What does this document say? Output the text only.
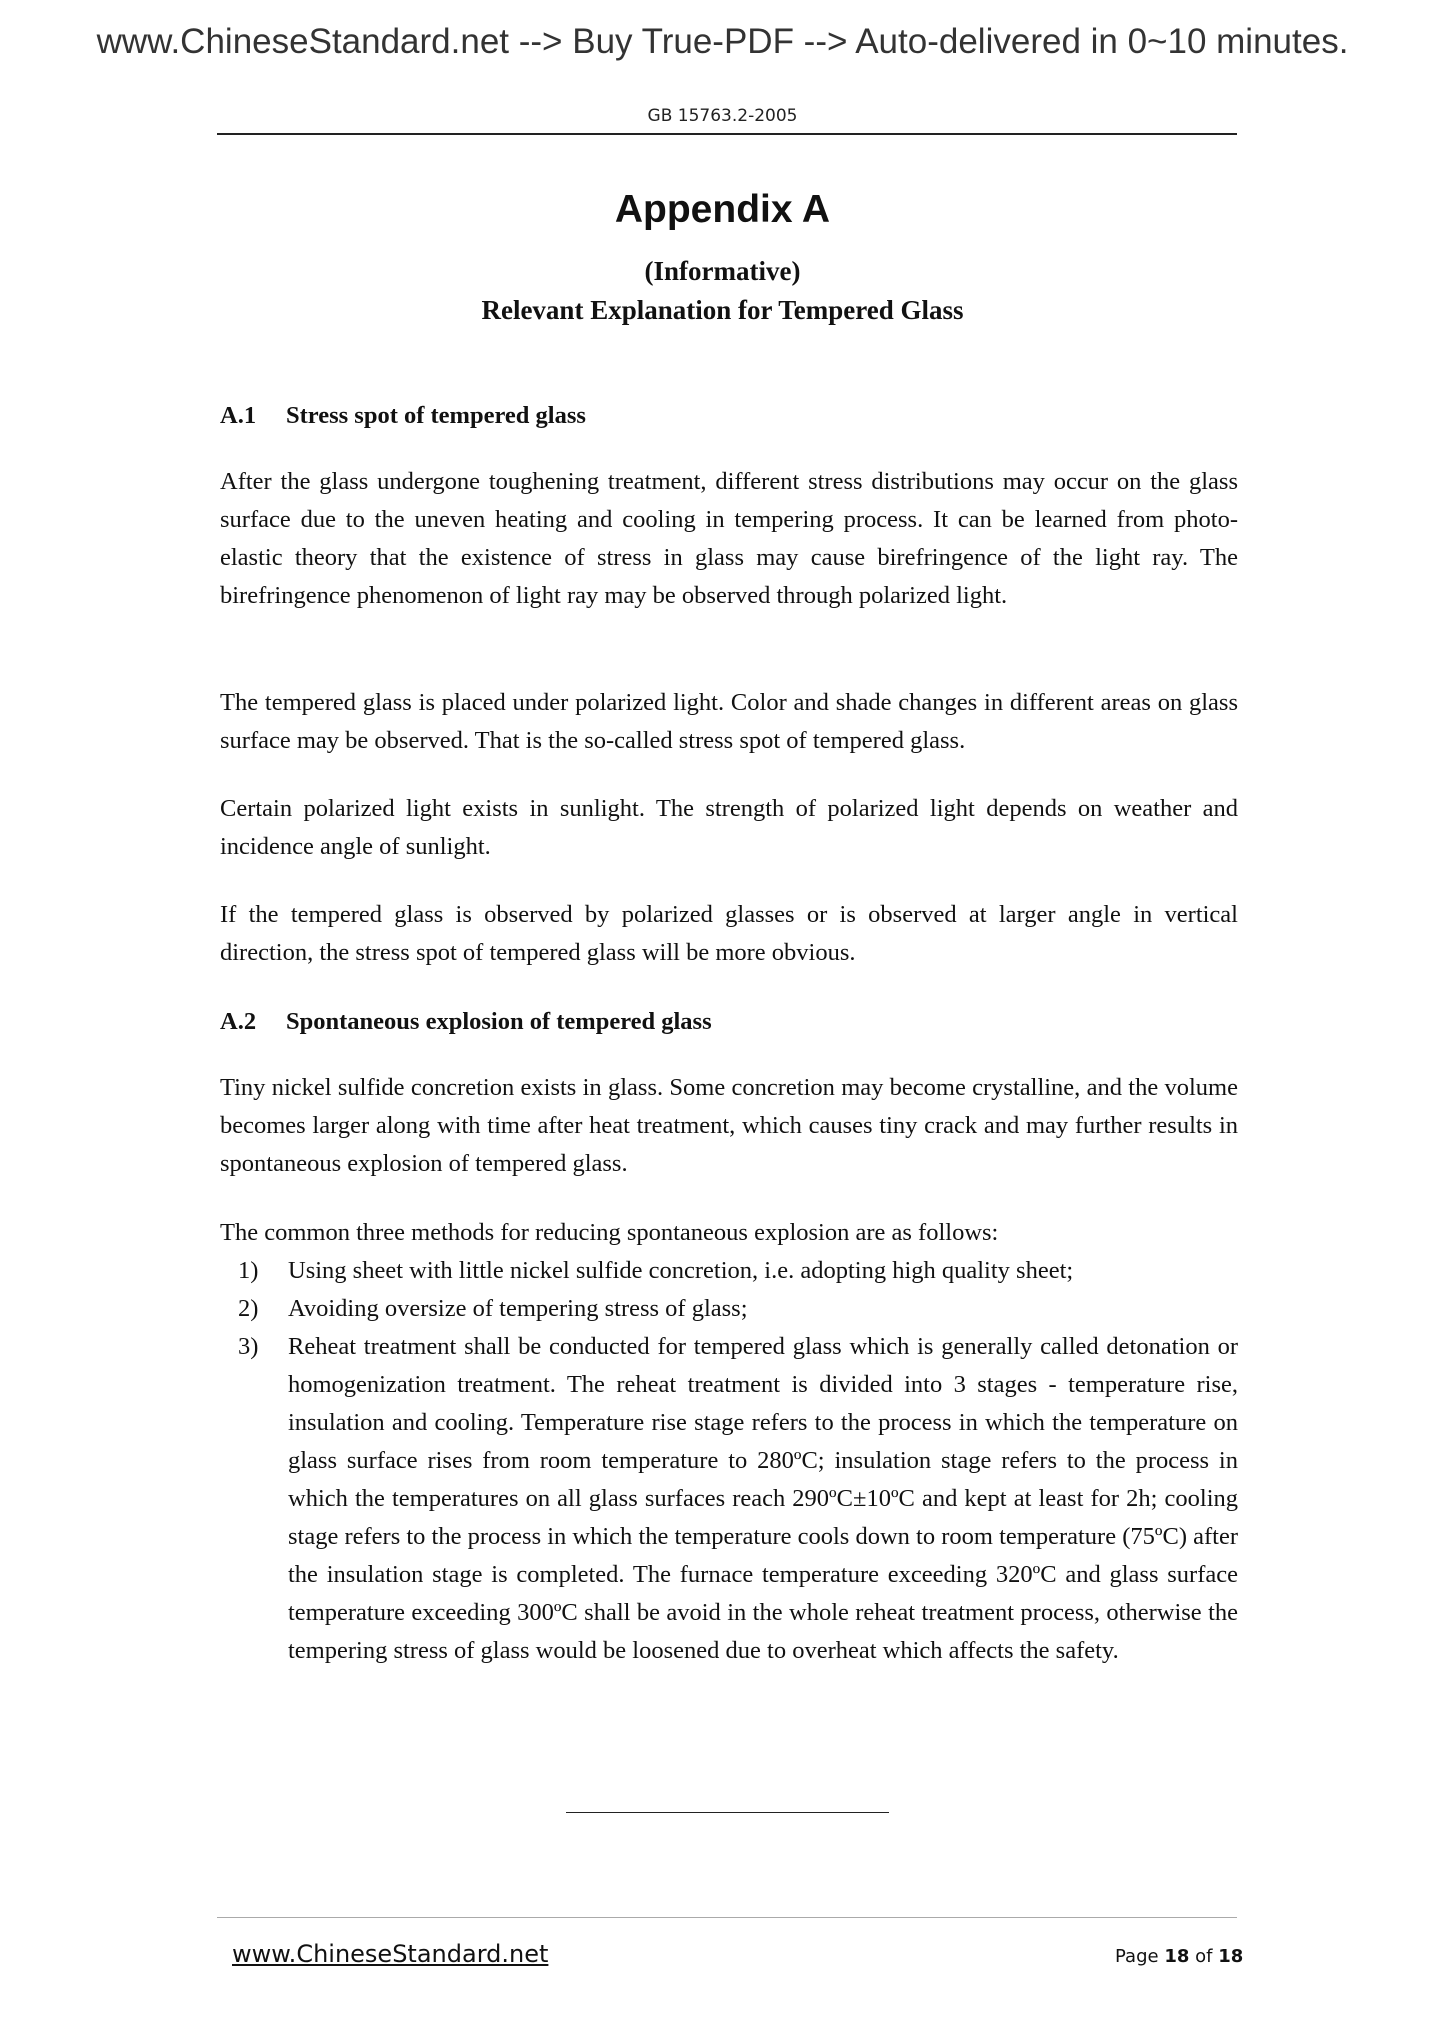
www.ChineseStandard.net --> Buy True-PDF --> Auto-delivered in 0~10 minutes.
GB 15763.2-2005
Appendix A
(Informative)
Relevant Explanation for Tempered Glass
A.1 Stress spot of tempered glass
After the glass undergone toughening treatment, different stress distributions may occur on the glass surface due to the uneven heating and cooling in tempering process. It can be learned from photo-elastic theory that the existence of stress in glass may cause birefringence of the light ray. The birefringence phenomenon of light ray may be observed through polarized light.
The tempered glass is placed under polarized light. Color and shade changes in different areas on glass surface may be observed. That is the so-called stress spot of tempered glass.
Certain polarized light exists in sunlight. The strength of polarized light depends on weather and incidence angle of sunlight.
If the tempered glass is observed by polarized glasses or is observed at larger angle in vertical direction, the stress spot of tempered glass will be more obvious.
A.2 Spontaneous explosion of tempered glass
Tiny nickel sulfide concretion exists in glass. Some concretion may become crystalline, and the volume becomes larger along with time after heat treatment, which causes tiny crack and may further results in spontaneous explosion of tempered glass.
The common three methods for reducing spontaneous explosion are as follows:
1)	Using sheet with little nickel sulfide concretion, i.e. adopting high quality sheet;
2)	Avoiding oversize of tempering stress of glass;
3)	Reheat treatment shall be conducted for tempered glass which is generally called detonation or homogenization treatment. The reheat treatment is divided into 3 stages - temperature rise, insulation and cooling. Temperature rise stage refers to the process in which the temperature on glass surface rises from room temperature to 280ºC; insulation stage refers to the process in which the temperatures on all glass surfaces reach 290ºC±10ºC and kept at least for 2h; cooling stage refers to the process in which the temperature cools down to room temperature (75ºC) after the insulation stage is completed. The furnace temperature exceeding 320ºC and glass surface temperature exceeding 300ºC shall be avoid in the whole reheat treatment process, otherwise the tempering stress of glass would be loosened due to overheat which affects the safety.
www.ChineseStandard.net	Page 18 of 18
